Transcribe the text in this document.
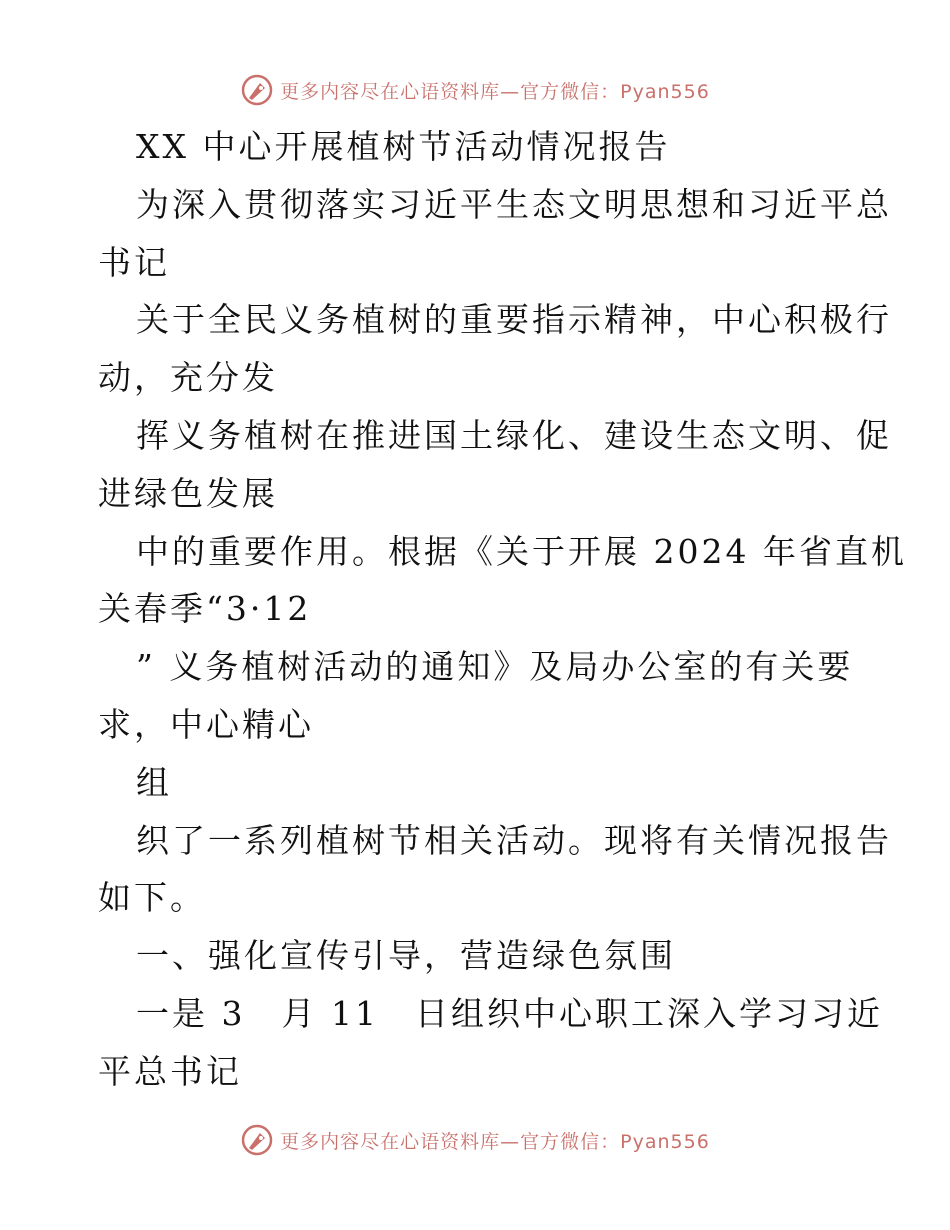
更多内容尽在心语资料库—官方微信：Pyan556
XX 中心开展植树节活动情况报告
为深入贯彻落实习近平生态文明思想和习近平总
书记
关于全民义务植树的重要指示精神，中心积极行
动，充分发
挥义务植树在推进国土绿化、建设生态文明、促
进绿色发展
中的重要作用。根据《关于开展 2024 年省直机
关春季“3·12
” 义务植树活动的通知》及局办公室的有关要
求，中心精心
组
织了一系列植树节相关活动。现将有关情况报告
如下。
一、强化宣传引导，营造绿色氛围
一是 3　月 11　日组织中心职工深入学习习近
平总书记
更多内容尽在心语资料库—官方微信：Pyan556
